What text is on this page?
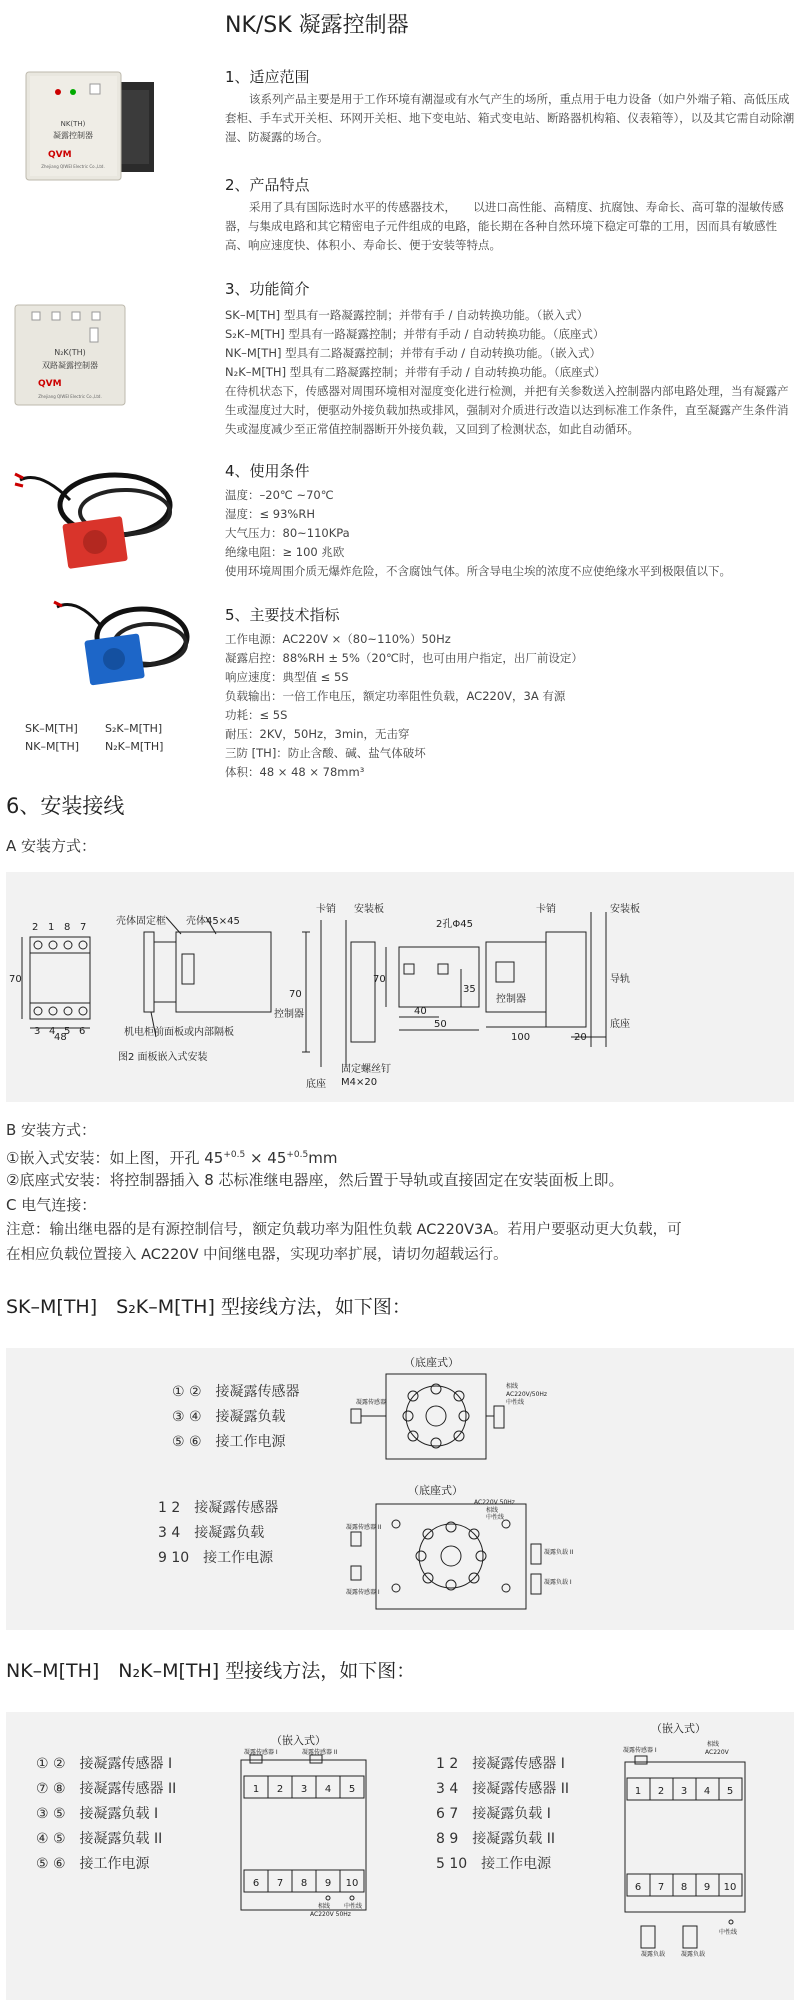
NK/SK 凝露控制器
NK(TH)
凝露控制器
QVM
Zhejiang QIWEI Electric Co.,Ltd.
N₂K(TH)
双路凝露控制器
QVM
Zhejiang QIWEI Electric Co.,Ltd.
SK–M[TH] S₂K–M[TH]
NK–M[TH] N₂K–M[TH]
1、适应范围
该系列产品主要是用于工作环境有潮湿或有水气产生的场所，重点用于电力设备（如户外端子箱、高低压成套柜、手车式开关柜、环网开关柜、地下变电站、箱式变电站、断路器机构箱、仪表箱等），以及其它需自动除潮湿、防凝露的场合。
2、产品特点
采用了具有国际选时水平的传感器技术，　　以进口高性能、高精度、抗腐蚀、寿命长、高可靠的湿敏传感器，与集成电路和其它精密电子元件组成的电路，能长期在各种自然环境下稳定可靠的工用，因而具有敏感性高、响应速度快、体积小、寿命长、便于安装等特点。
3、功能简介
SK–M[TH] 型具有一路凝露控制；并带有手 / 自动转换功能。（嵌入式）
S₂K–M[TH] 型具有一路凝露控制；并带有手动 / 自动转换功能。（底座式）
NK–M[TH] 型具有二路凝露控制；并带有手动 / 自动转换功能。（嵌入式）
N₂K–M[TH] 型具有二路凝露控制；并带有手动 / 自动转换功能。（底座式）
在待机状态下，传感器对周围环境相对湿度变化进行检测，并把有关参数送入控制器内部电路处理，当有凝露产生或湿度过大时，便驱动外接负载加热或排风，强制对介质进行改造以达到标准工作条件，直至凝露产生条件消失或湿度减少至正常值控制器断开外接负载，又回到了检测状态，如此自动循环。
4、使用条件
温度：–20℃ ~70℃
湿度：≤ 93%RH
大气压力：80~110KPa
绝缘电阻：≥ 100 兆欧
使用环境周围介质无爆炸危险，不含腐蚀气体。所含导电尘埃的浓度不应使绝缘水平到极限值以下。
5、主要技术指标
工作电源：AC220V ×（80~110%）50Hz
凝露启控：88%RH ± 5%（20℃时，也可由用户指定，出厂前设定）
响应速度：典型值 ≤ 5S
负载输出：一倍工作电压，额定功率阻性负载，AC220V，3A 有源
功耗：≤ 5S
耐压：2KV，50Hz，3min，无击穿
三防 [TH]：防止含酸、碱、盐气体破坏
体积：48 × 48 × 78mm³
6、安装接线
A 安装方式：
2 1 8 7
3 4 5 6
70
48
壳体固定框 壳体45×45
机电柜前面板或内部隔板
图2 面板嵌入式安装
70
卡销 安装板
控制器
底座
固定螺丝钉
M4×20
2孔Φ45
70
35
40
50
卡销	安装板
控制器
导轨
底座
100	20
B 安装方式：
①嵌入式安装：如上图，开孔 $45^{+0.5} \times 45^{+0.5}mm$
②底座式安装：将控制器插入 8 芯标准继电器座，然后置于导轨或直接固定在安装面板上即。
C 电气连接：
注意：输出继电器的是有源控制信号，额定负载功率为阻性负载 AC220V3A。若用户要驱动更大负载，可
在相应负载位置接入 AC220V 中间继电器，实现功率扩展，请切勿超载运行。
SK–M[TH]　S₂K–M[TH] 型接线方法，如下图：
① ②　接凝露传感器
③ ④　接凝露负载
⑤ ⑥　接工作电源
1 2　接凝露传感器
3 4　接凝露负载
9 10　接工作电源
（底座式）
（底座式）
凝露传感器
相线
AC220V/50Hz
中性线
AC220V 50Hz
相线
中性线
凝露传感器 II
凝露传感器 I
凝露负载 II
凝露负载 I
NK–M[TH]　N₂K–M[TH] 型接线方法，如下图：
① ②　接凝露传感器 I
⑦ ⑧　接凝露传感器 II
③ ⑤　接凝露负载 I
④ ⑤　接凝露负载 II
⑤ ⑥　接工作电源
1 2　接凝露传感器 I
3 4　接凝露传感器 II
6 7　接凝露负载 I
8 9　接凝露负载 II
5 10　接工作电源
1 2 3 4 5
6 7 8 9 10
（嵌入式）
凝露传感器 I	凝露传感器 II
相线
AC220V 50Hz
中性线
1 2 3 4 5
6 7 8 9 10
（嵌入式）
凝露传感器 I
相线
AC220V
凝露负载	凝露负载
中性线
